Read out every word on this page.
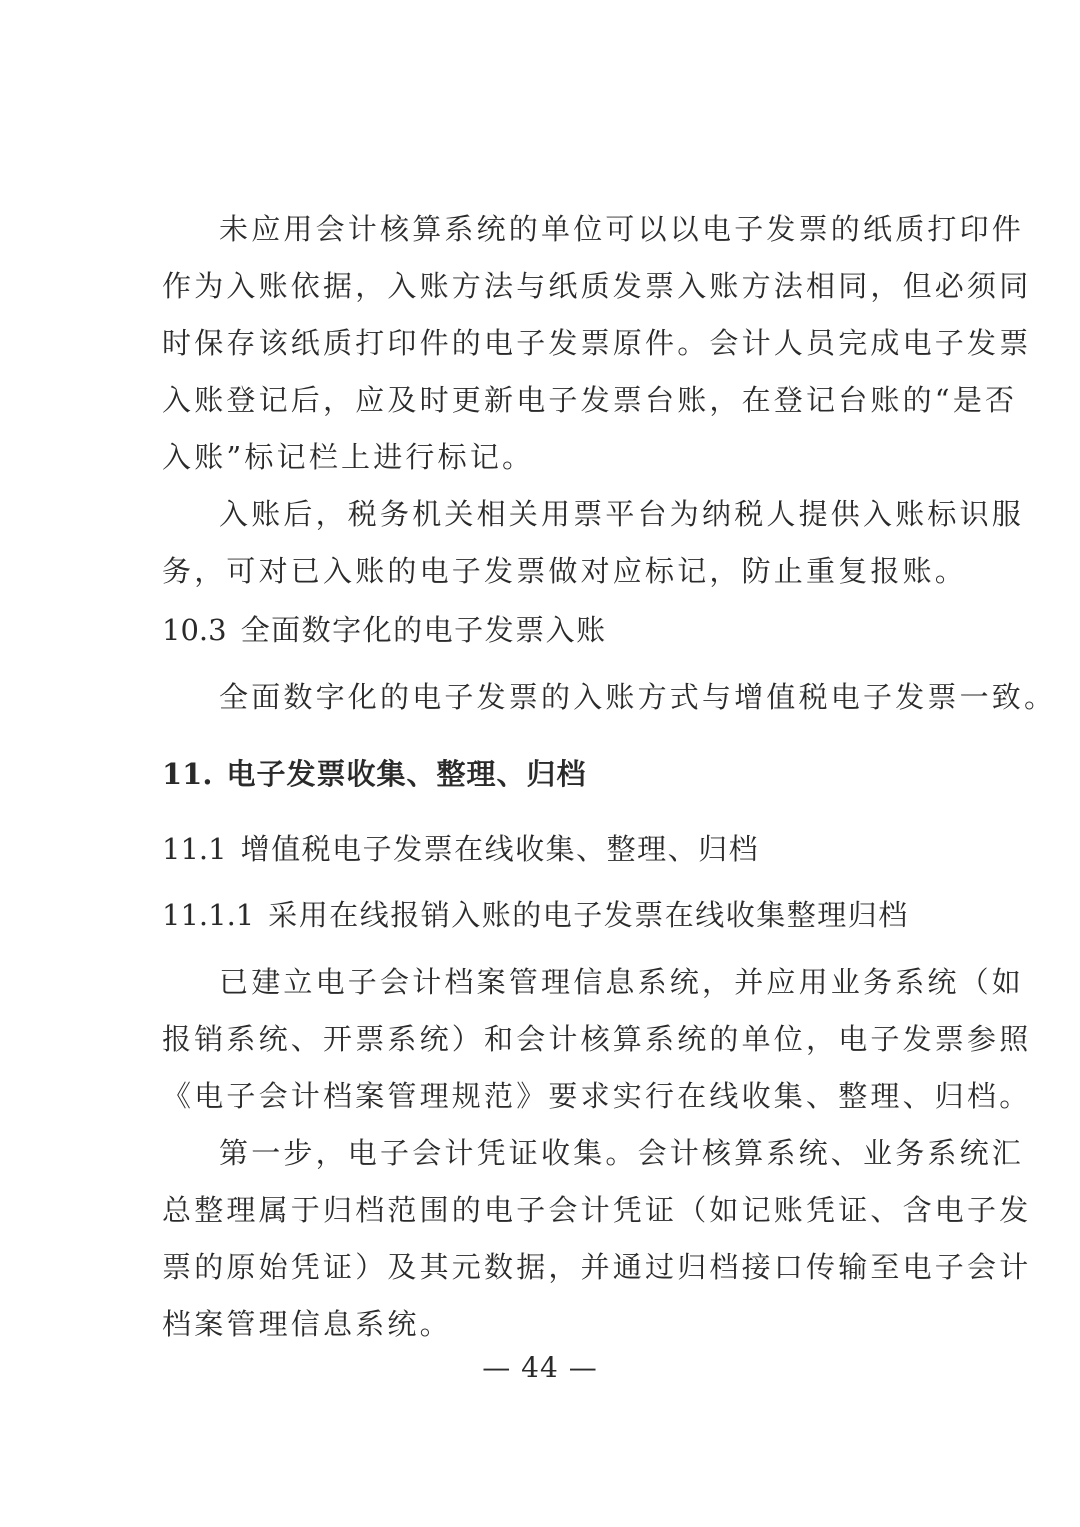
未应用会计核算系统的单位可以以电子发票的纸质打印件
作为入账依据，入账方法与纸质发票入账方法相同，但必须同
时保存该纸质打印件的电子发票原件。会计人员完成电子发票
入账登记后，应及时更新电子发票台账，在登记台账的“是否
入账”标记栏上进行标记。
入账后，税务机关相关用票平台为纳税人提供入账标识服
务，可对已入账的电子发票做对应标记，防止重复报账。
10.3 全面数字化的电子发票入账
全面数字化的电子发票的入账方式与增值税电子发票一致。
11. 电子发票收集、整理、归档
11.1 增值税电子发票在线收集、整理、归档
11.1.1 采用在线报销入账的电子发票在线收集整理归档
已建立电子会计档案管理信息系统，并应用业务系统（如
报销系统、开票系统）和会计核算系统的单位，电子发票参照
《电子会计档案管理规范》要求实行在线收集、整理、归档。
第一步，电子会计凭证收集。会计核算系统、业务系统汇
总整理属于归档范围的电子会计凭证（如记账凭证、含电子发
票的原始凭证）及其元数据，并通过归档接口传输至电子会计
档案管理信息系统。
— 44 —
